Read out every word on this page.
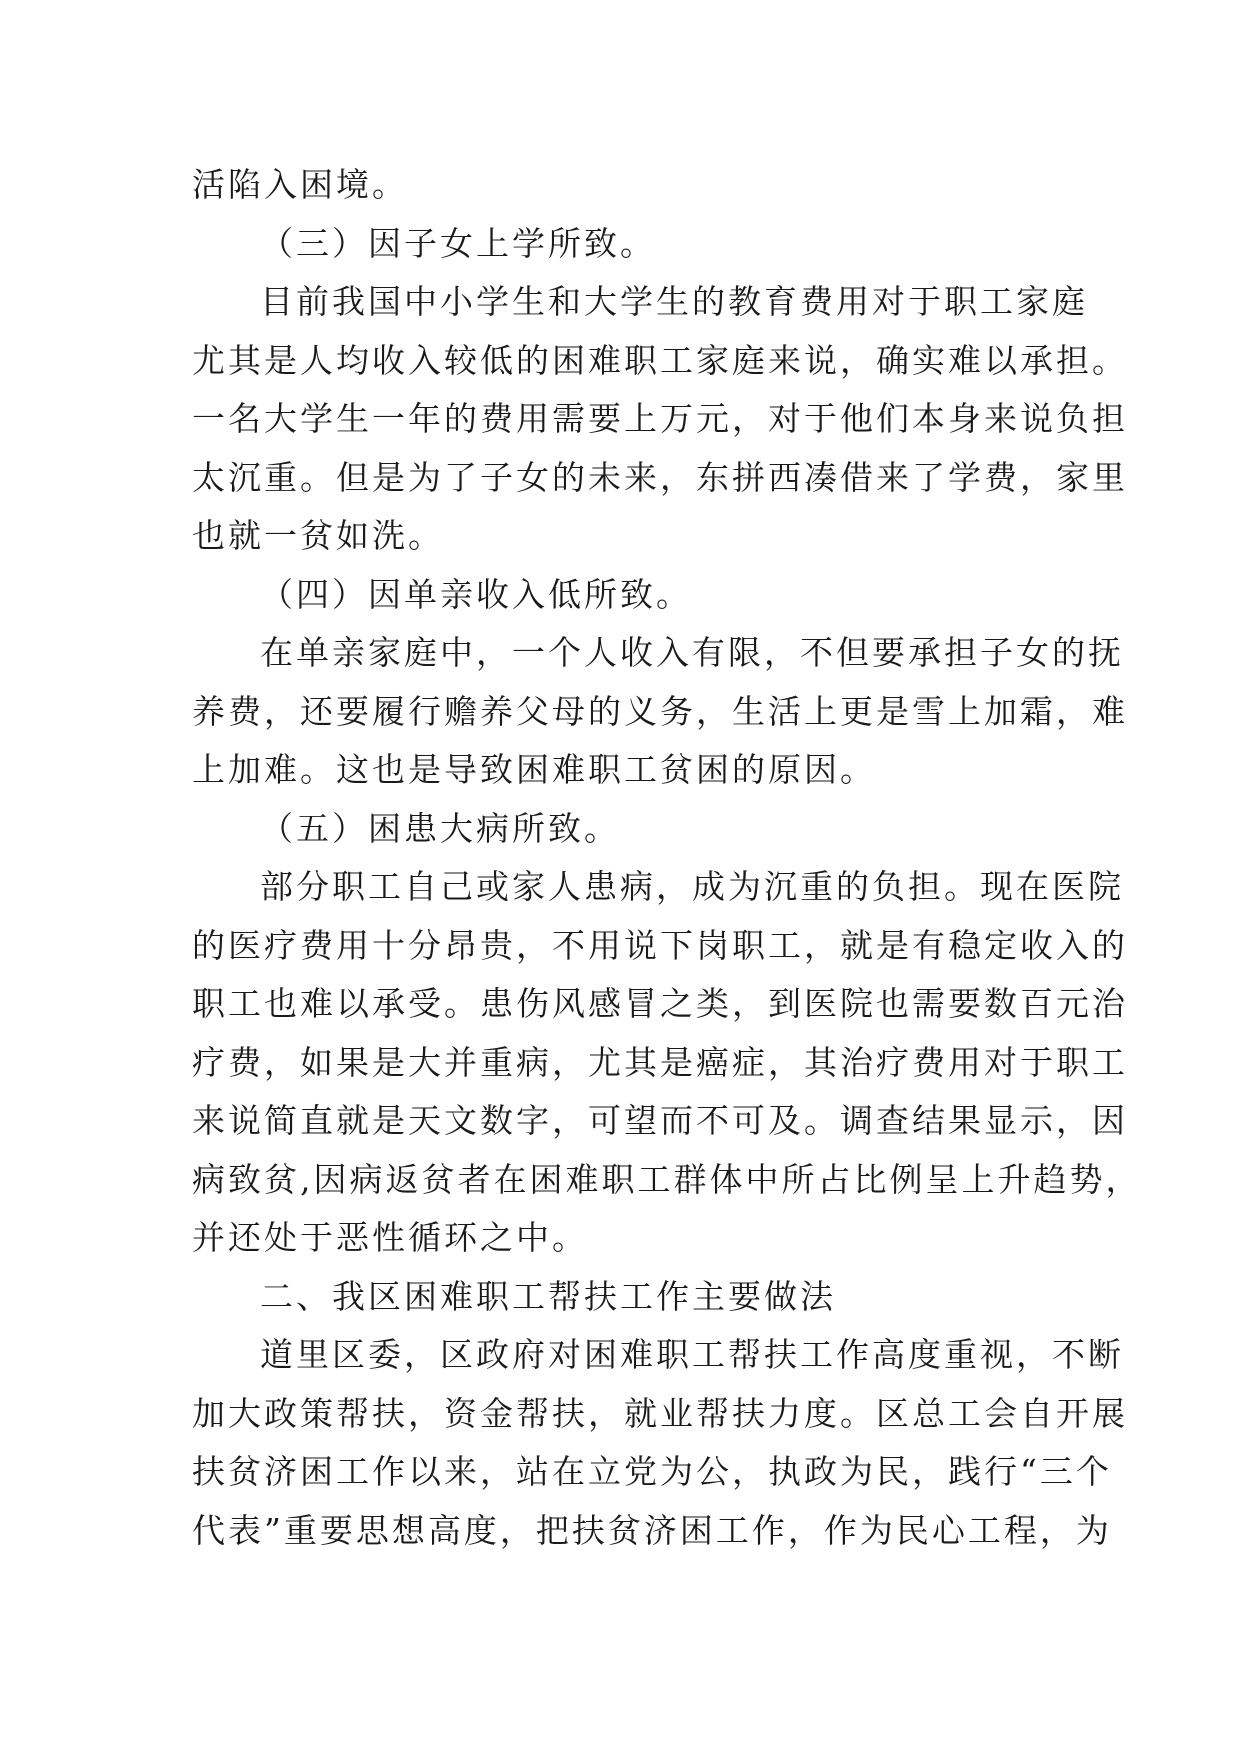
活陷入困境。
（三）因子女上学所致。
目前我国中小学生和大学生的教育费用对于职工家庭
尤其是人均收入较低的困难职工家庭来说，确实难以承担。
一名大学生一年的费用需要上万元，对于他们本身来说负担
太沉重。但是为了子女的未来，东拼西凑借来了学费，家里
也就一贫如洗。
（四）因单亲收入低所致。
在单亲家庭中，一个人收入有限，不但要承担子女的抚
养费，还要履行赡养父母的义务，生活上更是雪上加霜，难
上加难。这也是导致困难职工贫困的原因。
（五）困患大病所致。
部分职工自己或家人患病，成为沉重的负担。现在医院
的医疗费用十分昂贵，不用说下岗职工，就是有稳定收入的
职工也难以承受。患伤风感冒之类，到医院也需要数百元治
疗费，如果是大并重病，尤其是癌症，其治疗费用对于职工
来说简直就是天文数字，可望而不可及。调查结果显示，因
病致贫,因病返贫者在困难职工群体中所占比例呈上升趋势，
并还处于恶性循环之中。
二、我区困难职工帮扶工作主要做法
道里区委，区政府对困难职工帮扶工作高度重视，不断
加大政策帮扶，资金帮扶，就业帮扶力度。区总工会自开展
扶贫济困工作以来，站在立党为公，执政为民，践行“三个
代表”重要思想高度，把扶贫济困工作，作为民心工程，为
